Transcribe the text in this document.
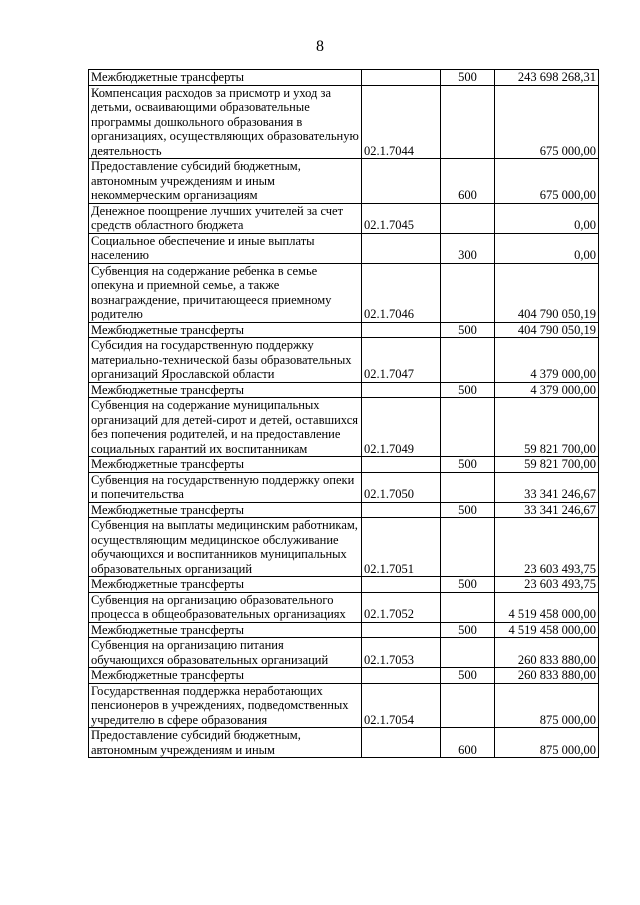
8
Межбюджетные трансферты		500	243 698 268,31
Компенсация расходов за присмотр и уход за детьми, осваивающими образовательные программы дошкольного образования в организациях, осуществляющих образовательную деятельность	02.1.7044		675 000,00
Предоставление субсидий бюджетным, автономным учреждениям и иным некоммерческим организациям		600	675 000,00
Денежное поощрение лучших учителей за счет средств областного бюджета	02.1.7045		0,00
Социальное обеспечение и иные выплаты населению		300	0,00
Субвенция на содержание ребенка в семье опекуна и приемной семье, а также вознаграждение, причитающееся приемному родителю	02.1.7046		404 790 050,19
Межбюджетные трансферты		500	404 790 050,19
Субсидия на государственную поддержку материально-технической базы образовательных организаций Ярославской области	02.1.7047		4 379 000,00
Межбюджетные трансферты		500	4 379 000,00
Субвенция на содержание муниципальных организаций для детей-сирот и детей, оставшихся без попечения родителей, и на предоставление социальных гарантий их воспитанникам	02.1.7049		59 821 700,00
Межбюджетные трансферты		500	59 821 700,00
Субвенция на государственную поддержку опеки и попечительства	02.1.7050		33 341 246,67
Межбюджетные трансферты		500	33 341 246,67
Субвенция на выплаты медицинским работникам, осуществляющим медицинское обслуживание обучающихся и воспитанников муниципальных образовательных организаций	02.1.7051		23 603 493,75
Межбюджетные трансферты		500	23 603 493,75
Субвенция на организацию образовательного процесса в общеобразовательных организациях	02.1.7052		4 519 458 000,00
Межбюджетные трансферты		500	4 519 458 000,00
Субвенция на организацию питания обучающихся образовательных организаций	02.1.7053		260 833 880,00
Межбюджетные трансферты		500	260 833 880,00
Государственная поддержка неработающих пенсионеров в учреждениях, подведомственных учредителю в сфере образования	02.1.7054		875 000,00
Предоставление субсидий бюджетным, автономным учреждениям и иным		600	875 000,00
